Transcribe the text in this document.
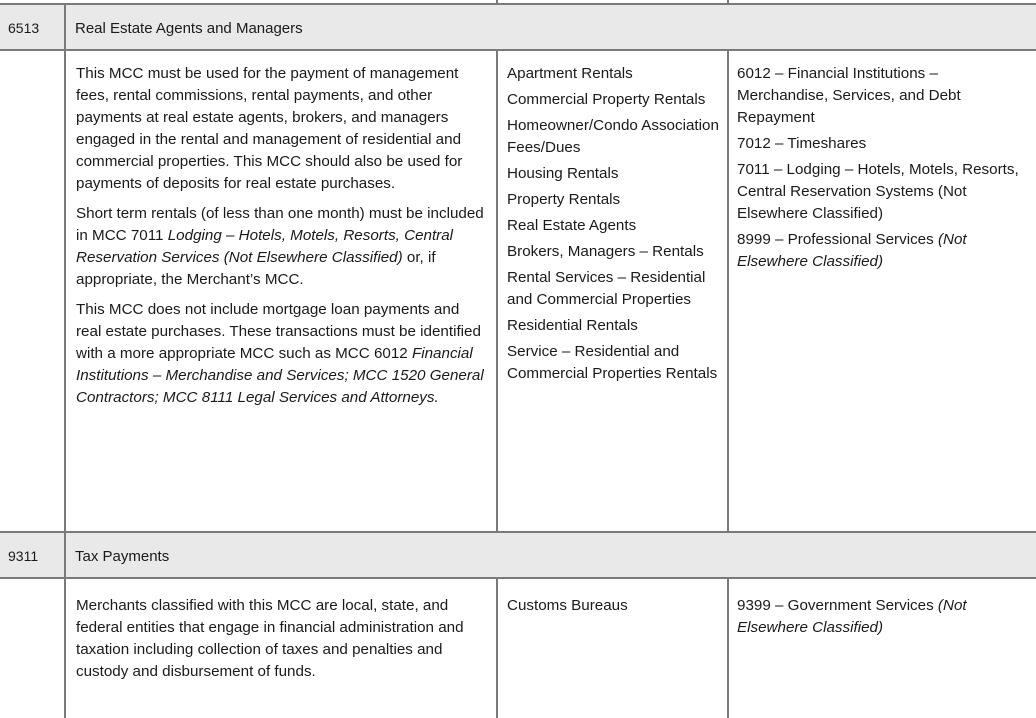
6513 Real Estate Agents and Managers

This MCC must be used for the payment of management fees, rental commissions, rental payments, and other payments at real estate agents, brokers, and managers engaged in the rental and management of residential and commercial properties. This MCC should also be used for payments of deposits for real estate purchases.

Short term rentals (of less than one month) must be included in MCC 7011 Lodging – Hotels, Motels, Resorts, Central Reservation Services (Not Elsewhere Classified) or, if appropriate, the Merchant’s MCC.

This MCC does not include mortgage loan payments and real estate purchases. These transactions must be identified with a more appropriate MCC such as MCC 6012 Financial Institutions – Merchandise and Services; MCC 1520 General Contractors; MCC 8111 Legal Services and Attorneys.

Apartment Rentals
Commercial Property Rentals
Homeowner/Condo Association Fees/Dues
Housing Rentals
Property Rentals
Real Estate Agents
Brokers, Managers – Rentals
Rental Services – Residential and Commercial Properties
Residential Rentals
Service – Residential and Commercial Properties Rentals
6012 – Financial Institutions – Merchandise, Services, and Debt Repayment
7012 – Timeshares
7011 – Lodging – Hotels, Motels, Resorts, Central Reservation Systems (Not Elsewhere Classified)
8999 – Professional Services (Not Elsewhere Classified)
9311 Tax Payments

Merchants classified with this MCC are local, state, and federal entities that engage in financial administration and taxation including collection of taxes and penalties and custody and disbursement of funds.

Customs Bureaus	9399 – Government Services (Not Elsewhere Classified)
